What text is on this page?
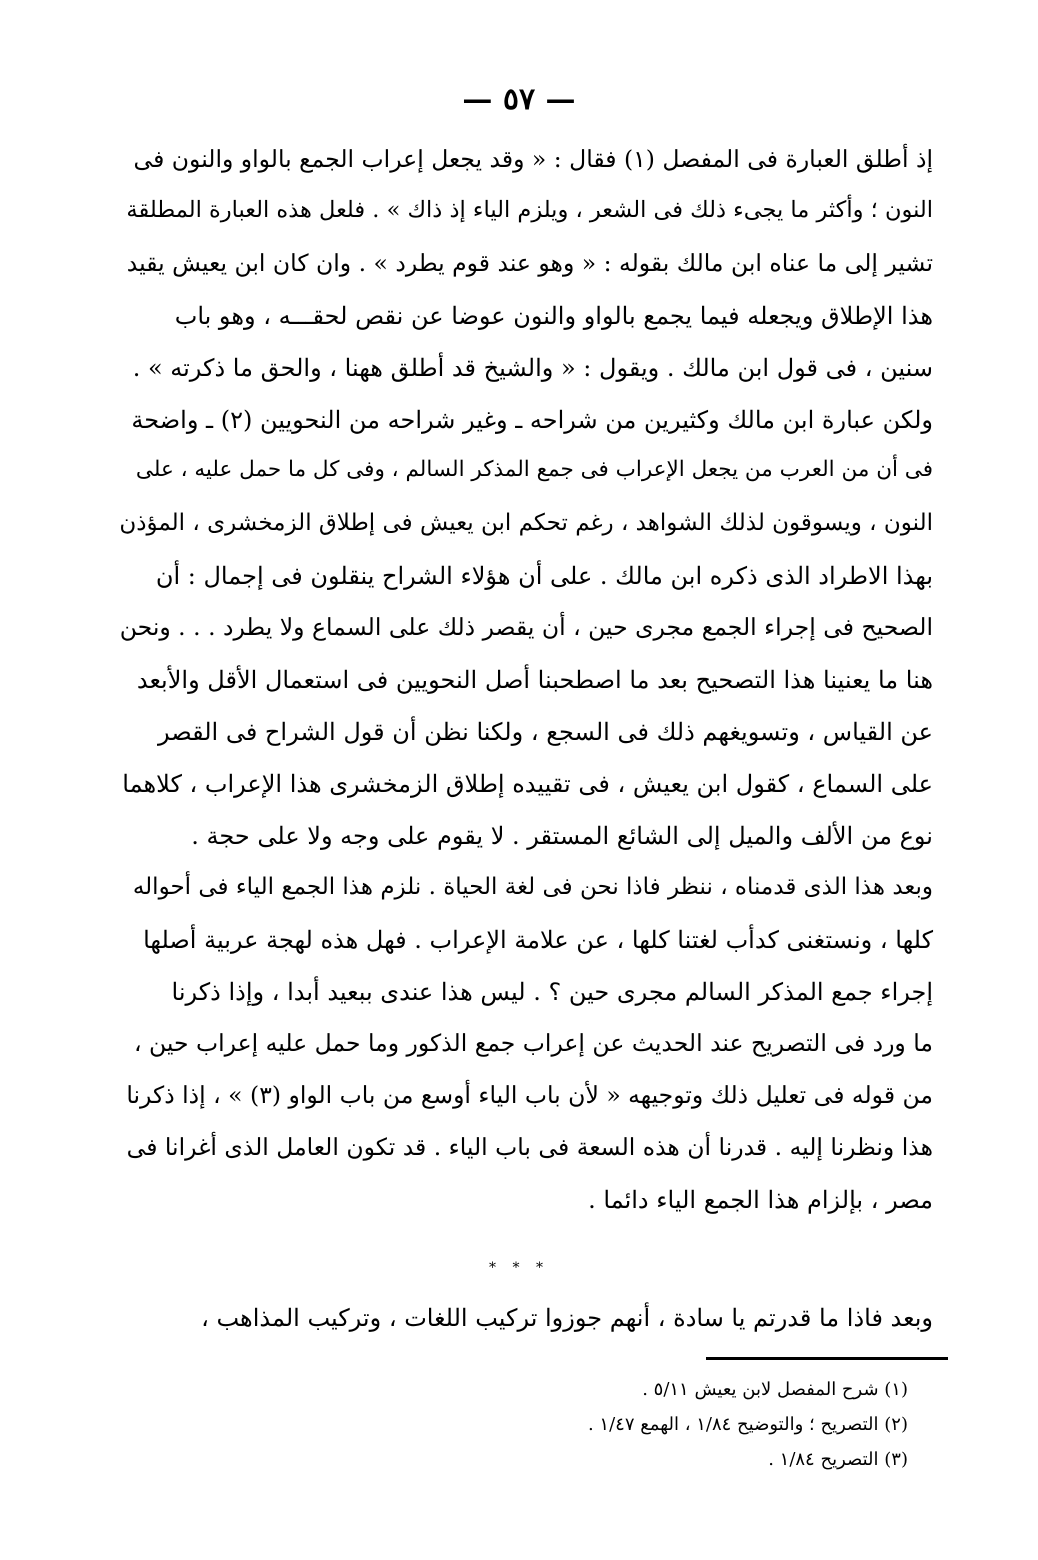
— ٥٧ —
إذ أطلق العبارة فى المفصل (١) فقال : « وقد يجعل إعراب الجمع بالواو والنون فى
النون ؛ وأكثر ما يجىء ذلك فى الشعر ، ويلزم الياء إذ ذاك » . فلعل هذه العبارة المطلقة
تشير إلى ما عناه ابن مالك بقوله : « وهو عند قوم يطرد » . وان كان ابن يعيش يقيد
هذا الإطلاق ويجعله فيما يجمع بالواو والنون عوضا عن نقص لحقـــه ، وهو باب
سنين ، فى قول ابن مالك . ويقول : « والشيخ قد أطلق ههنا ، والحق ما ذكرته » .
ولكن عبارة ابن مالك وكثيرين من شراحه ـ وغير شراحه من النحويين (٢) ـ واضحة
فى أن من العرب من يجعل الإعراب فى جمع المذكر السالم ، وفى كل ما حمل عليه ، على
النون ، ويسوقون لذلك الشواهد ، رغم تحكم ابن يعيش فى إطلاق الزمخشرى ، المؤذن
بهذا الاطراد الذى ذكره ابن مالك . على أن هؤلاء الشراح ينقلون فى إجمال : أن
الصحيح فى إجراء الجمع مجرى حين ، أن يقصر ذلك على السماع ولا يطرد . . . ونحن
هنا ما يعنينا هذا التصحيح بعد ما اصطحبنا أصل النحويين فى استعمال الأقل والأبعد
عن القياس ، وتسويغهم ذلك فى السجع ، ولكنا نظن أن قول الشراح فى القصر
على السماع ، كقول ابن يعيش ، فى تقييده إطلاق الزمخشرى هذا الإعراب ، كلاهما
نوع من الألف والميل إلى الشائع المستقر . لا يقوم على وجه ولا على حجة .
وبعد هذا الذى قدمناه ، ننظر فاذا نحن فى لغة الحياة . نلزم هذا الجمع الياء فى أحواله
كلها ، ونستغنى كدأب لغتنا كلها ، عن علامة الإعراب . فهل هذه لهجة عربية أصلها
إجراء جمع المذكر السالم مجرى حين ؟ . ليس هذا عندى ببعيد أبدا ، وإذا ذكرنا
ما ورد فى التصريح عند الحديث عن إعراب جمع الذكور وما حمل عليه إعراب حين ،
من قوله فى تعليل ذلك وتوجيهه « لأن باب الياء أوسع من باب الواو (٣) » ، إذا ذكرنا
هذا ونظرنا إليه . قدرنا أن هذه السعة فى باب الياء . قد تكون العامل الذى أغرانا فى
مصر ، بإلزام هذا الجمع الياء دائما .
* * *
وبعد فاذا ما قدرتم يا سادة ، أنهم جوزوا تركيب اللغات ، وتركيب المذاهب ،
(١) شرح المفصل لابن يعيش ٥/١١ .
(٢) التصريح ؛ والتوضيح ١/٨٤ ، الهمع ١/٤٧ .
(٣) التصريح ١/٨٤ .
